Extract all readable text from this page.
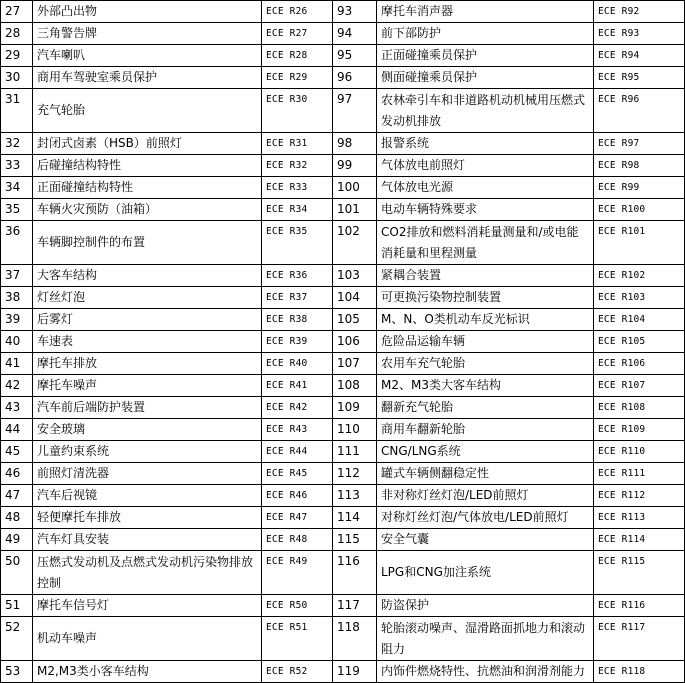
27	外部凸出物	ECE R26	93	摩托车消声器	ECE R92
28	三角警告牌	ECE R27	94	前下部防护	ECE R93
29	汽车喇叭	ECE R28	95	正面碰撞乘员保护	ECE R94
30	商用车驾驶室乘员保护	ECE R29	96	侧面碰撞乘员保护	ECE R95
31	充气轮胎	ECE R30	97	农林牵引车和非道路机动机械用压燃式发动机排放	ECE R96
32	封闭式卤素（HSB）前照灯	ECE R31	98	报警系统	ECE R97
33	后碰撞结构特性	ECE R32	99	气体放电前照灯	ECE R98
34	正面碰撞结构特性	ECE R33	100	气体放电光源	ECE R99
35	车辆火灾预防（油箱）	ECE R34	101	电动车辆特殊要求	ECE R100
36	车辆脚控制件的布置	ECE R35	102	CO2排放和燃料消耗量测量和/或电能消耗量和里程测量	ECE R101
37	大客车结构	ECE R36	103	紧耦合装置	ECE R102
38	灯丝灯泡	ECE R37	104	可更换污染物控制装置	ECE R103
39	后雾灯	ECE R38	105	M、N、O类机动车反光标识	ECE R104
40	车速表	ECE R39	106	危险品运输车辆	ECE R105
41	摩托车排放	ECE R40	107	农用车充气轮胎	ECE R106
42	摩托车噪声	ECE R41	108	M2、M3类大客车结构	ECE R107
43	汽车前后端防护装置	ECE R42	109	翻新充气轮胎	ECE R108
44	安全玻璃	ECE R43	110	商用车翻新轮胎	ECE R109
45	儿童约束系统	ECE R44	111	CNG/LNG系统	ECE R110
46	前照灯清洗器	ECE R45	112	罐式车辆侧翻稳定性	ECE R111
47	汽车后视镜	ECE R46	113	非对称灯丝灯泡/LED前照灯	ECE R112
48	轻便摩托车排放	ECE R47	114	对称灯丝灯泡/气体放电/LED前照灯	ECE R113
49	汽车灯具安装	ECE R48	115	安全气囊	ECE R114
50	压燃式发动机及点燃式发动机污染物排放控制	ECE R49	116	LPG和CNG加注系统	ECE R115
51	摩托车信号灯	ECE R50	117	防盗保护	ECE R116
52	机动车噪声	ECE R51	118	轮胎滚动噪声、湿滑路面抓地力和滚动阻力	ECE R117
53	M2,M3类小客车结构	ECE R52	119	内饰件燃烧特性、抗燃油和润滑剂能力	ECE R118
